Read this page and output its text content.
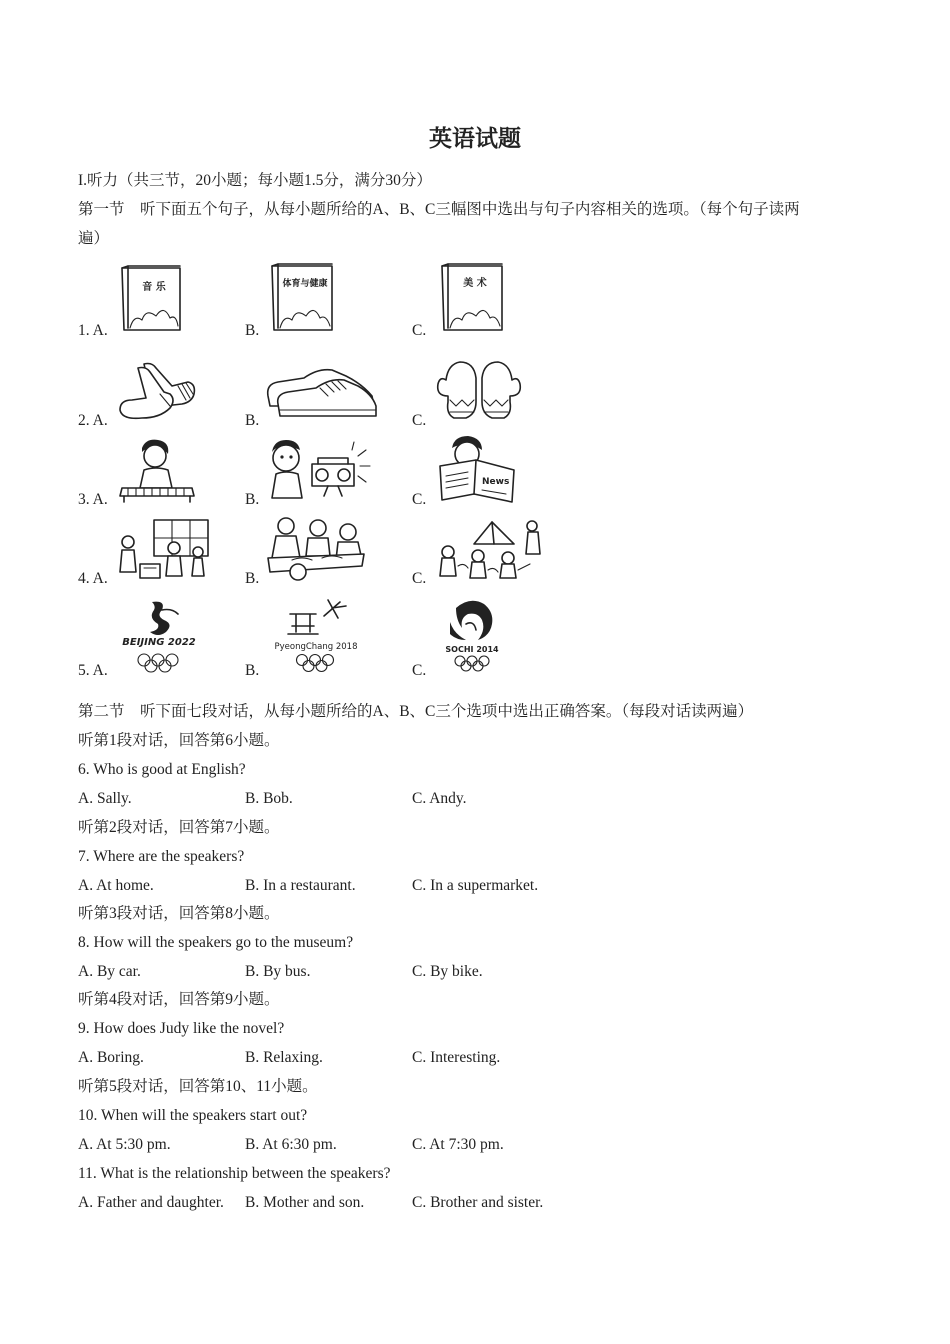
英语试题
I.听力（共三节，20小题；每小题1.5分，满分30分）
第一节　听下面五个句子，从每小题所给的A、B、C三幅图中选出与句子内容相关的选项。（每个句子读两
遍）
1. A.	B.	C.
音 乐	体育与健康	美 术
2. A.	B.	C.
3. A.	B.	C.
News
4. A.	B.	C.
5. A.	B.	C.
BEIJING 2022	PyeongChang 2018	SOCHI 2014
第二节　听下面七段对话，从每小题所给的A、B、C三个选项中选出正确答案。（每段对话读两遍）
听第1段对话，回答第6小题。
6. Who is good at English?
A. Sally.	B. Bob.	C. Andy.
听第2段对话，回答第7小题。
7. Where are the speakers?
A. At home.	B. In a restaurant.	C. In a supermarket.
听第3段对话，回答第8小题。
8. How will the speakers go to the museum?
A. By car.	B. By bus.	C. By bike.
听第4段对话，回答第9小题。
9. How does Judy like the novel?
A. Boring.	B. Relaxing.	C. Interesting.
听第5段对话，回答第10、11小题。
10. When will the speakers start out?
A. At 5:30 pm.	B. At 6:30 pm.	C. At 7:30 pm.
11. What is the relationship between the speakers?
A. Father and daughter. B. Mother and son.	C. Brother and sister.
